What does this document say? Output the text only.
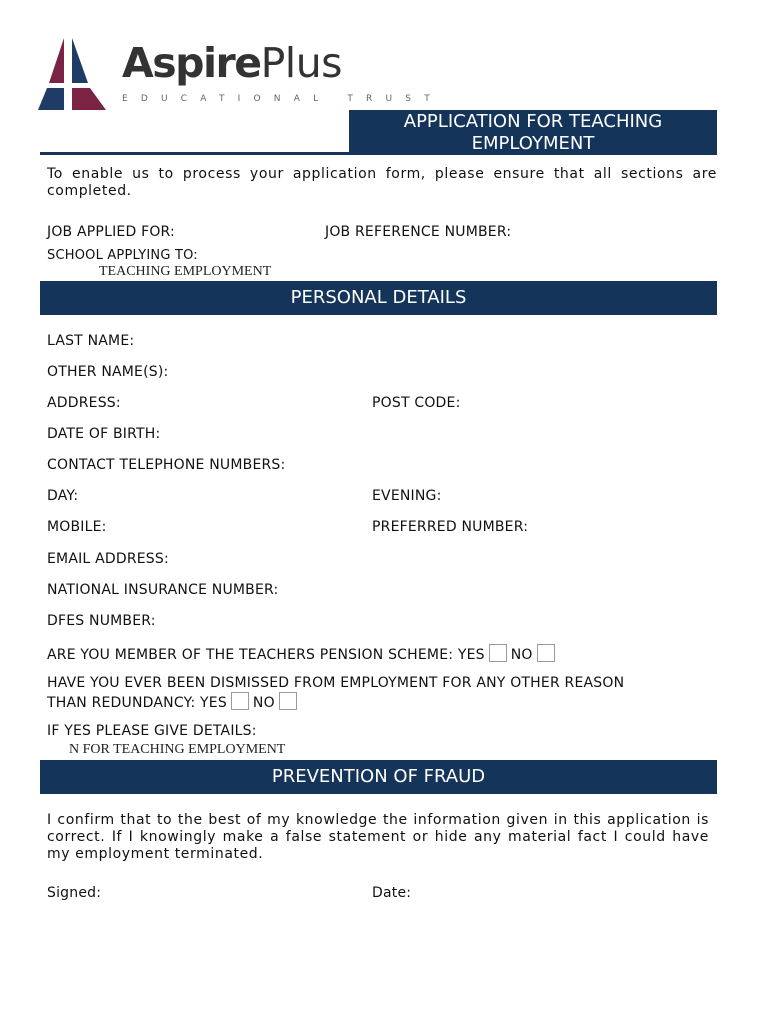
AspirePlus
EDUCATIONAL TRUST
APPLICATION FOR TEACHING
EMPLOYMENT
To enable us to process your application form, please ensure that all sections are completed.
JOB APPLIED FOR:	JOB REFERENCE NUMBER:
SCHOOL APPLYING TO:
TEACHING EMPLOYMENT
PERSONAL DETAILS
LAST NAME:
OTHER NAME(S):
ADDRESS:	POST CODE:
DATE OF BIRTH:
CONTACT TELEPHONE NUMBERS:
DAY:	EVENING:
MOBILE:	PREFERRED NUMBER:
EMAIL ADDRESS:
NATIONAL INSURANCE NUMBER:
DFES NUMBER:
ARE YOU MEMBER OF THE TEACHERS PENSION SCHEME: YES NO
HAVE YOU EVER BEEN DISMISSED FROM EMPLOYMENT FOR ANY OTHER REASON
THAN REDUNDANCY: YES NO
IF YES PLEASE GIVE DETAILS:
N FOR TEACHING EMPLOYMENT
PREVENTION OF FRAUD
I confirm that to the best of my knowledge the information given in this application is correct. If I knowingly make a false statement or hide any material fact I could have my employment terminated.
Signed:	Date:
